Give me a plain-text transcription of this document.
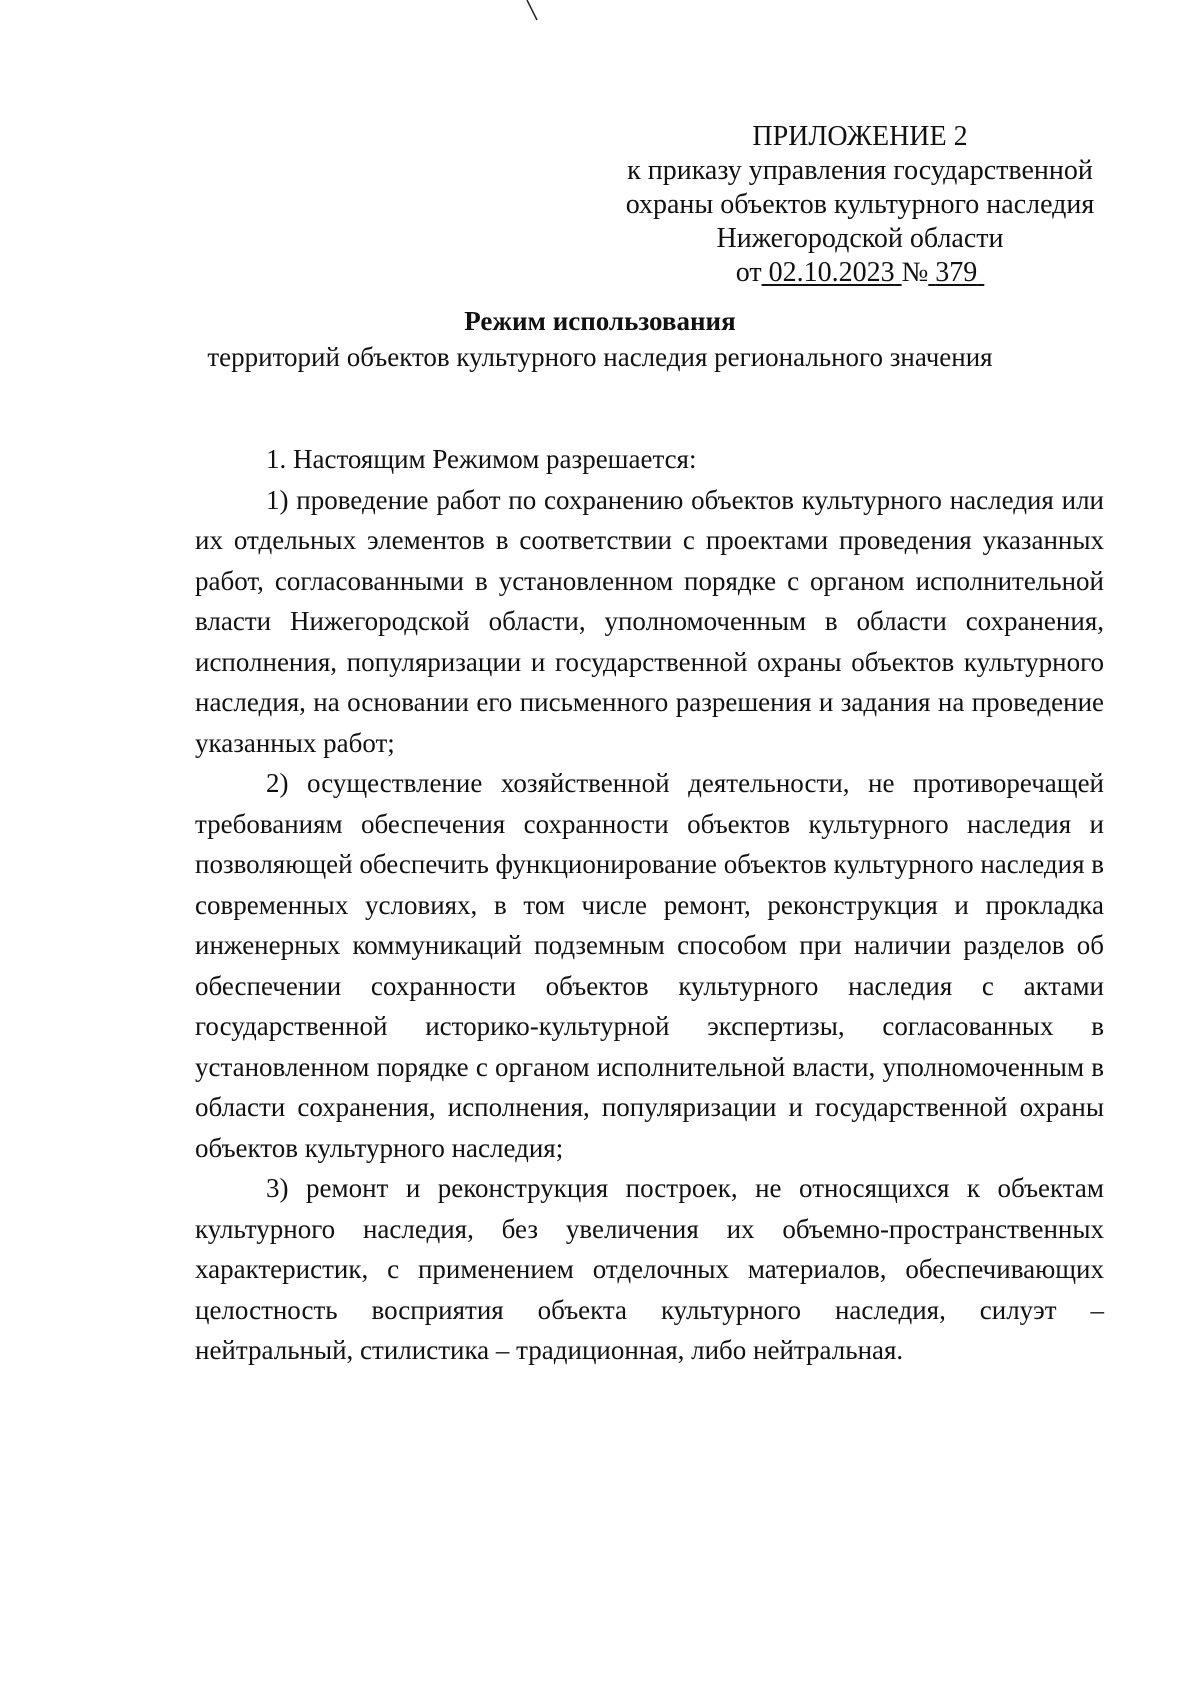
ПРИЛОЖЕНИЕ 2
к приказу управления государственной
охраны объектов культурного наследия
Нижегородской области
от 02.10.2023 № 379
Режим использования
территорий объектов культурного наследия регионального значения

1. Настоящим Режимом разрешается:

1) проведение работ по сохранению объектов культурного наследия или их отдельных элементов в соответствии с проектами проведения указанных работ, согласованными в установленном порядке с органом исполнительной власти Нижегородской области, уполномоченным в области сохранения, исполнения, популяризации и государственной охраны объектов культурного наследия, на основании его письменного разрешения и задания на проведение указанных работ;

2) осуществление хозяйственной деятельности, не противоречащей требованиям обеспечения сохранности объектов культурного наследия и позволяющей обеспечить функционирование объектов культурного наследия в современных условиях, в том числе ремонт, реконструкция и прокладка инженерных коммуникаций подземным способом при наличии разделов об обеспечении сохранности объектов культурного наследия с актами государственной историко-культурной экспертизы, согласованных в установленном порядке с органом исполнительной власти, уполномоченным в области сохранения, исполнения, популяризации и государственной охраны объектов культурного наследия;

3) ремонт и реконструкция построек, не относящихся к объектам культурного наследия, без увеличения их объемно-пространственных характеристик, с применением отделочных материалов, обеспечивающих целостность восприятия объекта культурного наследия, силуэт – нейтральный, стилистика – традиционная, либо нейтральная.
